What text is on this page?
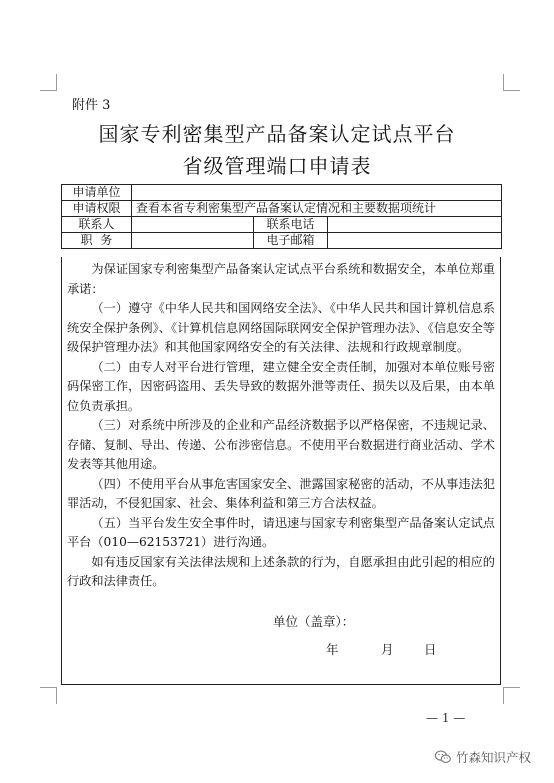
附件 3
国家专利密集型产品备案认定试点平台
省级管理端口申请表
申请单位			
申请权限	查看本省专利密集型产品备案认定情况和主要数据项统计		
联系人		联系电话	
职  务		电子邮箱	

为保证国家专利密集型产品备案认定试点平台系统和数据安全，本单位郑重承诺：

（一）遵守《中华人民共和国网络安全法》、《中华人民共和国计算机信息系统安全保护条例》、《计算机信息网络国际联网安全保护管理办法》、《信息安全等级保护管理办法》和其他国家网络安全的有关法律、法规和行政规章制度。

（二）由专人对平台进行管理，建立健全安全责任制，加强对本单位账号密码保密工作，因密码盗用、丢失导致的数据外泄等责任、损失以及后果，由本单位负责承担。

（三）对系统中所涉及的企业和产品经济数据予以严格保密，不违规记录、存储、复制、导出、传递、公布涉密信息。不使用平台数据进行商业活动、学术发表等其他用途。

（四）不使用平台从事危害国家安全、泄露国家秘密的活动，不从事违法犯罪活动，不侵犯国家、社会、集体利益和第三方合法权益。

（五）当平台发生安全事件时，请迅速与国家专利密集型产品备案认定试点平台（010—62153721）进行沟通。

如有违反国家有关法律法规和上述条款的行为，自愿承担由此引起的相应的行政和法律责任。

单位（盖章）：
年	月 日
— 1 —
竹森知识产权
